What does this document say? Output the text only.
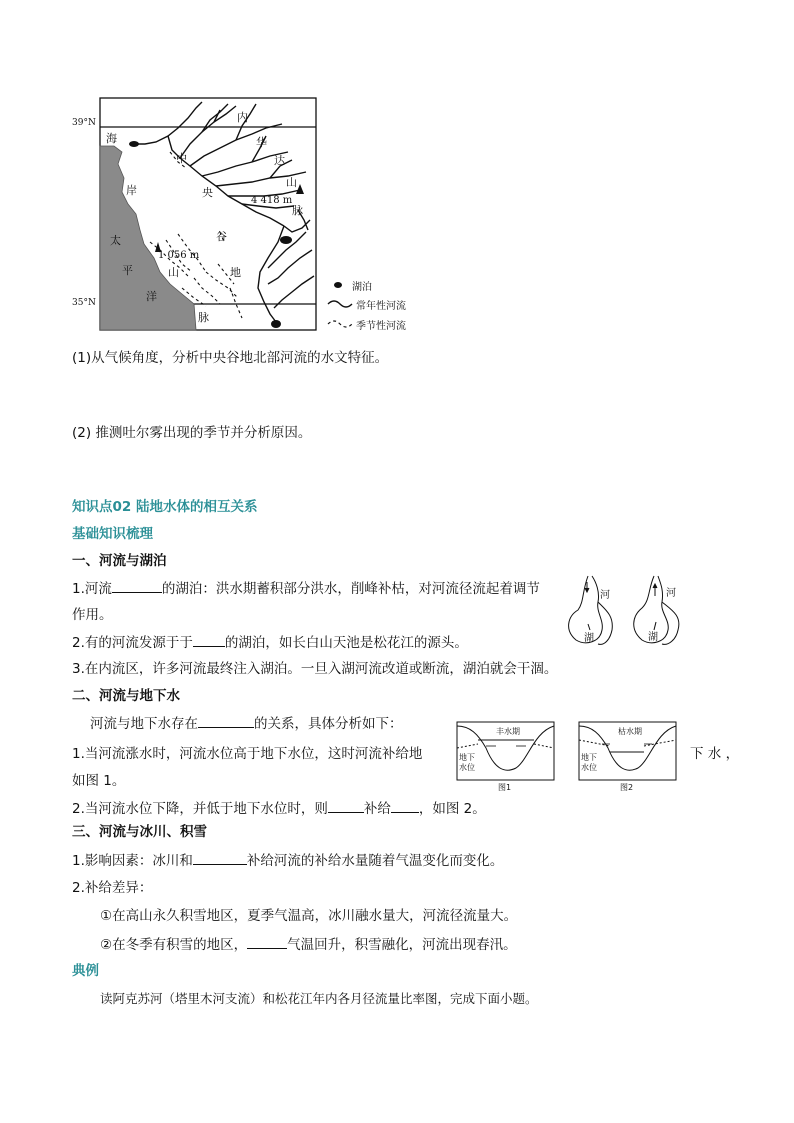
39°N
35°N
内
海	华
中	达
岸	央
山
4 418 m
脉
太	谷
1 056 m
山
平	地
洋
脉
湖泊
常年性河流
季节性河流
(1)从气候角度，分析中央谷地北部河流的水文特征。
(2) 推测吐尔雾出现的季节并分析原因。
知识点02 陆地水体的相互关系
基础知识梳理
一、河流与湖泊
1.河流	的湖泊：洪水期蓄积部分洪水，削峰补枯，对河流径流起着调节
作用。
2.有的河流发源于于 的湖泊，如长白山天池是松花江的源头。
3.在内流区，许多河流最终注入湖泊。一旦入湖河流改道或断流，湖泊就会干涸。
河
湖
河
湖
二、河流与地下水
河流与地下水存在	的关系，具体分析如下：
1.当河流涨水时，河流水位高于地下水位，这时河流补给地	下 水 ，
如图 1。
2.当河流水位下降，并低于地下水位时，则	补给 ，如图 2。
丰水期
地下
水位
图1
枯水期
地下
水位
图2
三、河流与冰川、积雪
1.影响因素：冰川和	补给河流的补给水量随着气温变化而变化。
2.补给差异：
①在高山永久积雪地区，夏季气温高，冰川融水量大，河流径流量大。
②在冬季有积雪的地区，	气温回升，积雪融化，河流出现春汛。
典例
读阿克苏河（塔里木河支流）和松花江年内各月径流量比率图，完成下面小题。
